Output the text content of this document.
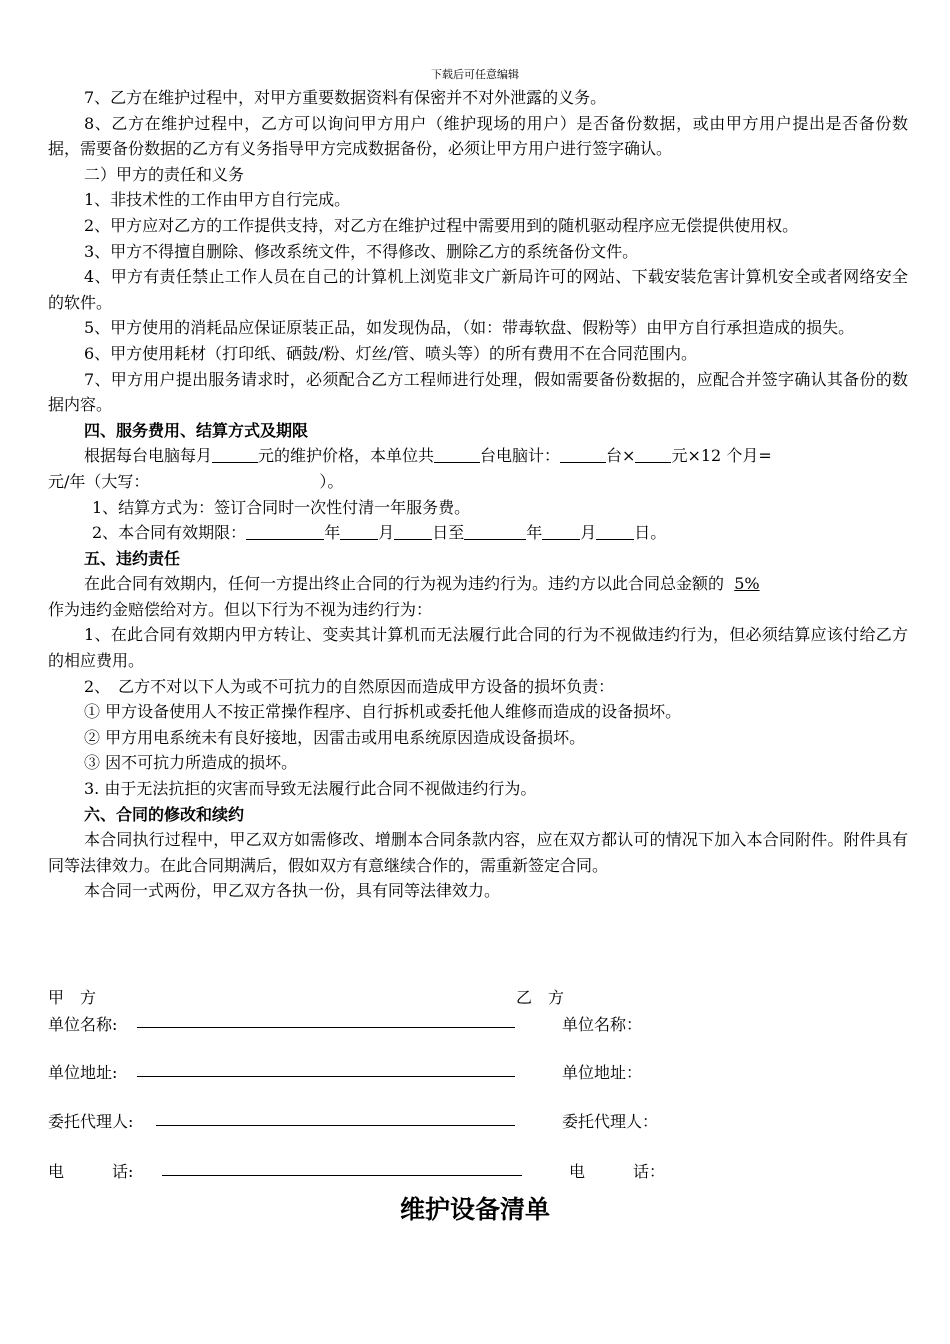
下载后可任意编辑

7、乙方在维护过程中，对甲方重要数据资料有保密并不对外泄露的义务。

8、乙方在维护过程中，乙方可以询问甲方用户（维护现场的用户）是否备份数据，或由甲方用户提出是否备份数据，需要备份数据的乙方有义务指导甲方完成数据备份，必须让甲方用户进行签字确认。

二）甲方的责任和义务

1、非技术性的工作由甲方自行完成。

2、甲方应对乙方的工作提供支持，对乙方在维护过程中需要用到的随机驱动程序应无偿提供使用权。

3、甲方不得擅自删除、修改系统文件，不得修改、删除乙方的系统备份文件。

4、甲方有责任禁止工作人员在自己的计算机上浏览非文广新局许可的网站、下载安装危害计算机安全或者网络安全的软件。

5、甲方使用的消耗品应保证原装正品，如发现伪品，（如：带毒软盘、假粉等）由甲方自行承担造成的损失。

6、甲方使用耗材（打印纸、硒鼓/粉、灯丝/管、喷头等）的所有费用不在合同范围内。

7、甲方用户提出服务请求时，必须配合乙方工程师进行处理，假如需要备份数据的，应配合并签字确认其备份的数据内容。

四、服务费用、结算方式及期限

根据每台电脑每月	元的维护价格，本单位共	台电脑计：	台× 元×12 个月=
元/年（大写：	）。

1、结算方式为：签订合同时一次性付清一年服务费。

2、本合同有效期限：	年 月 日至	年 月 日。

五、违约责任

在此合同有效期内，任何一方提出终止合同的行为视为违约行为。违约方以此合同总金额的 5%
作为违约金赔偿给对方。但以下行为不视为违约行为：

1、在此合同有效期内甲方转让、变卖其计算机而无法履行此合同的行为不视做违约行为，但必须结算应该付给乙方的相应费用。

2、　乙方不对以下人为或不可抗力的自然原因而造成甲方设备的损坏负责：

① 甲方设备使用人不按正常操作程序、自行拆机或委托他人维修而造成的设备损坏。

② 甲方用电系统未有良好接地，因雷击或用电系统原因造成设备损坏。

③ 因不可抗力所造成的损坏。

3. 由于无法抗拒的灾害而导致无法履行此合同不视做违约行为。

六、合同的修改和续约

本合同执行过程中，甲乙双方如需修改、增删本合同条款内容，应在双方都认可的情况下加入本合同附件。附件具有同等法律效力。在此合同期满后，假如双方有意继续合作的，需重新签定合同。

本合同一式两份，甲乙双方各执一份，具有同等法律效力。

甲　方	乙　方
单位名称:	单位名称：
单位地址:	单位地址：
委托代理人:	委托代理人：
电　　　话:	电　　　话：
维护设备清单
